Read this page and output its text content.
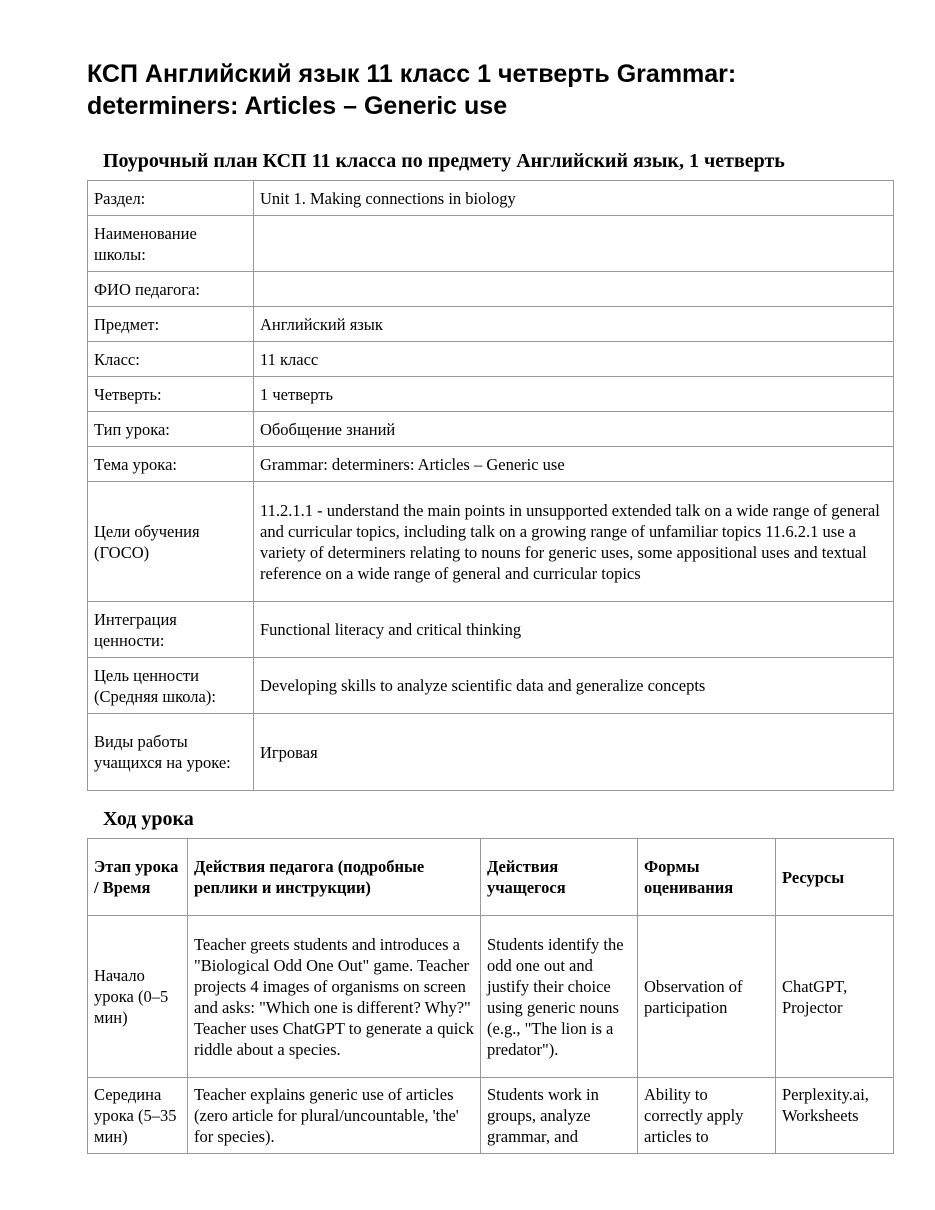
КСП Английский язык 11 класс 1 четверть Grammar: determiners: Articles – Generic use
Поурочный план КСП 11 класса по предмету Английский язык, 1 четверть
Раздел:	Unit 1. Making connections in biology
Наименование школы:	
ФИО педагога:	
Предмет:	Английский язык
Класс:	11 класс
Четверть:	1 четверть
Тип урока:	Обобщение знаний
Тема урока:	Grammar: determiners: Articles – Generic use
Цели обучения (ГОСО)	11.2.1.1 - understand the main points in unsupported extended talk on a wide range of general and curricular topics, including talk on a growing range of unfamiliar topics 11.6.2.1 use a variety of determiners relating to nouns for generic uses, some appositional uses and textual reference on a wide range of general and curricular topics
Интеграция ценности:	Functional literacy and critical thinking
Цель ценности (Средняя школа):	Developing skills to analyze scientific data and generalize concepts
Виды работы учащихся на уроке:	Игровая
Ход урока
Этап урока / Время	Действия педагога (подробные реплики и инструкции)	Действия учащегося	Формы оценивания	Ресурсы
Начало урока (0–5 мин)	Teacher greets students and introduces a "Biological Odd One Out" game. Teacher projects 4 images of organisms on screen and asks: "Which one is different? Why?" Teacher uses ChatGPT to generate a quick riddle about a species.	Students identify the odd one out and justify their choice using generic nouns (e.g., "The lion is a predator").	Observation of participation	ChatGPT, Projector
Середина урока (5–35 мин)	Teacher explains generic use of articles (zero article for plural/uncountable, 'the' for species).	Students work in groups, analyze grammar, and	Ability to correctly apply articles to	Perplexity.ai, Worksheets
